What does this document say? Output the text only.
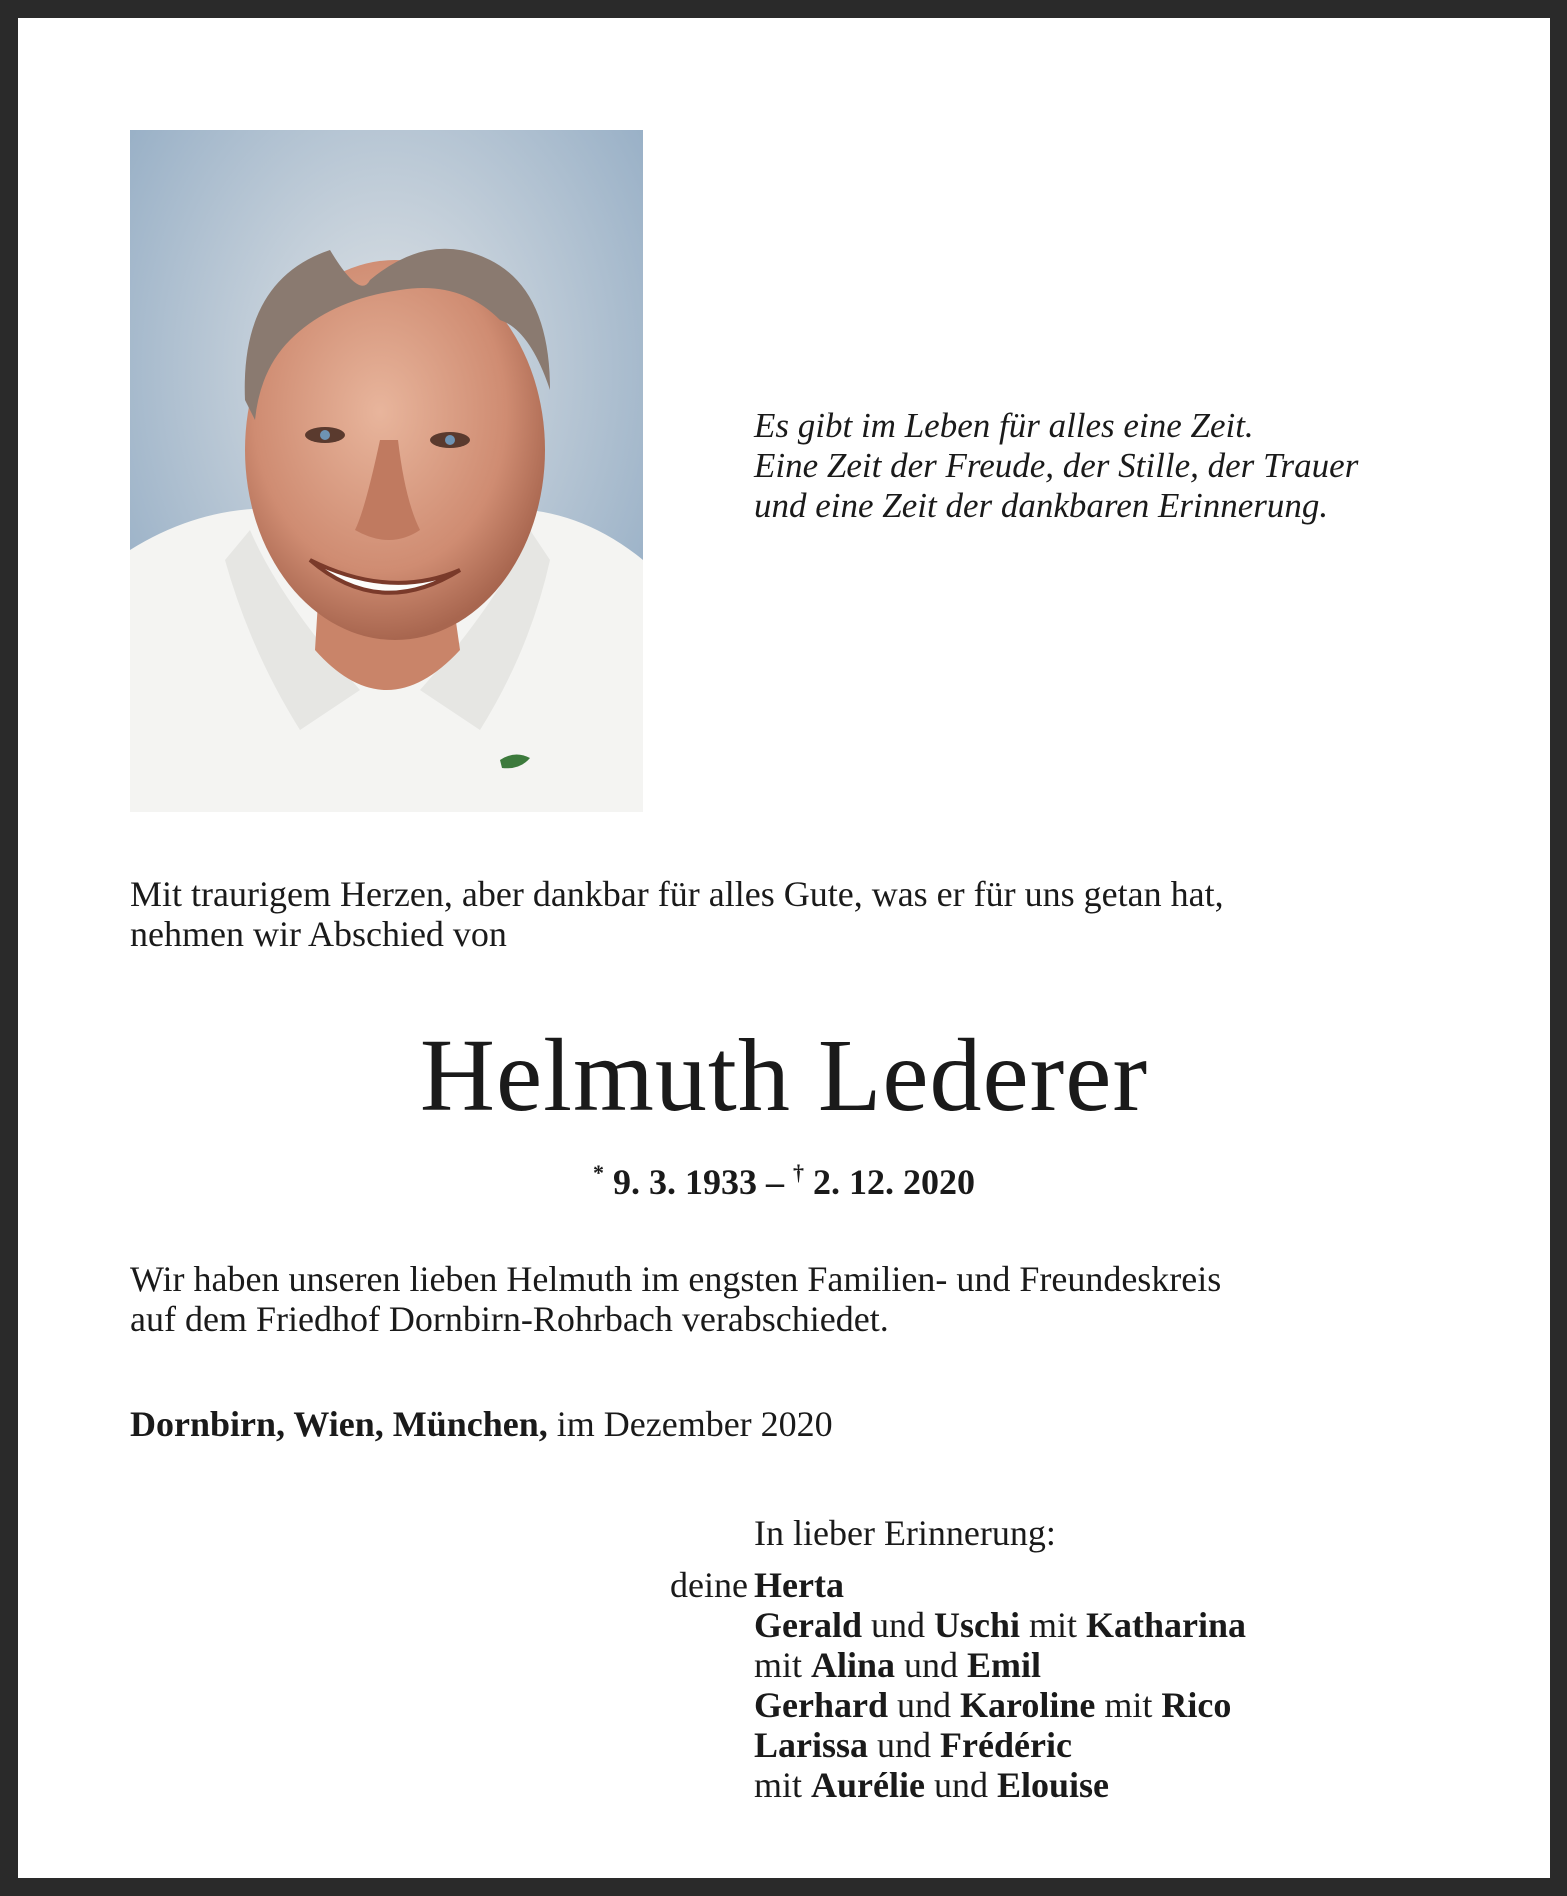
Es gibt im Leben für alles eine Zeit.
Eine Zeit der Freude, der Stille, der Trauer
und eine Zeit der dankbaren Erinnerung.
Mit traurigem Herzen, aber dankbar für alles Gute, was er für uns getan hat,
nehmen wir Abschied von
Helmuth Lederer
* 9. 3. 1933 – † 2. 12. 2020
Wir haben unseren lieben Helmuth im engsten Familien- und Freundeskreis
auf dem Friedhof Dornbirn-Rohrbach verabschiedet.
Dornbirn, Wien, München, im Dezember 2020
In lieber Erinnerung:
deine Herta
Gerald und Uschi mit Katharina
mit Alina und Emil
Gerhard und Karoline mit Rico
Larissa und Frédéric
mit Aurélie und Elouise
